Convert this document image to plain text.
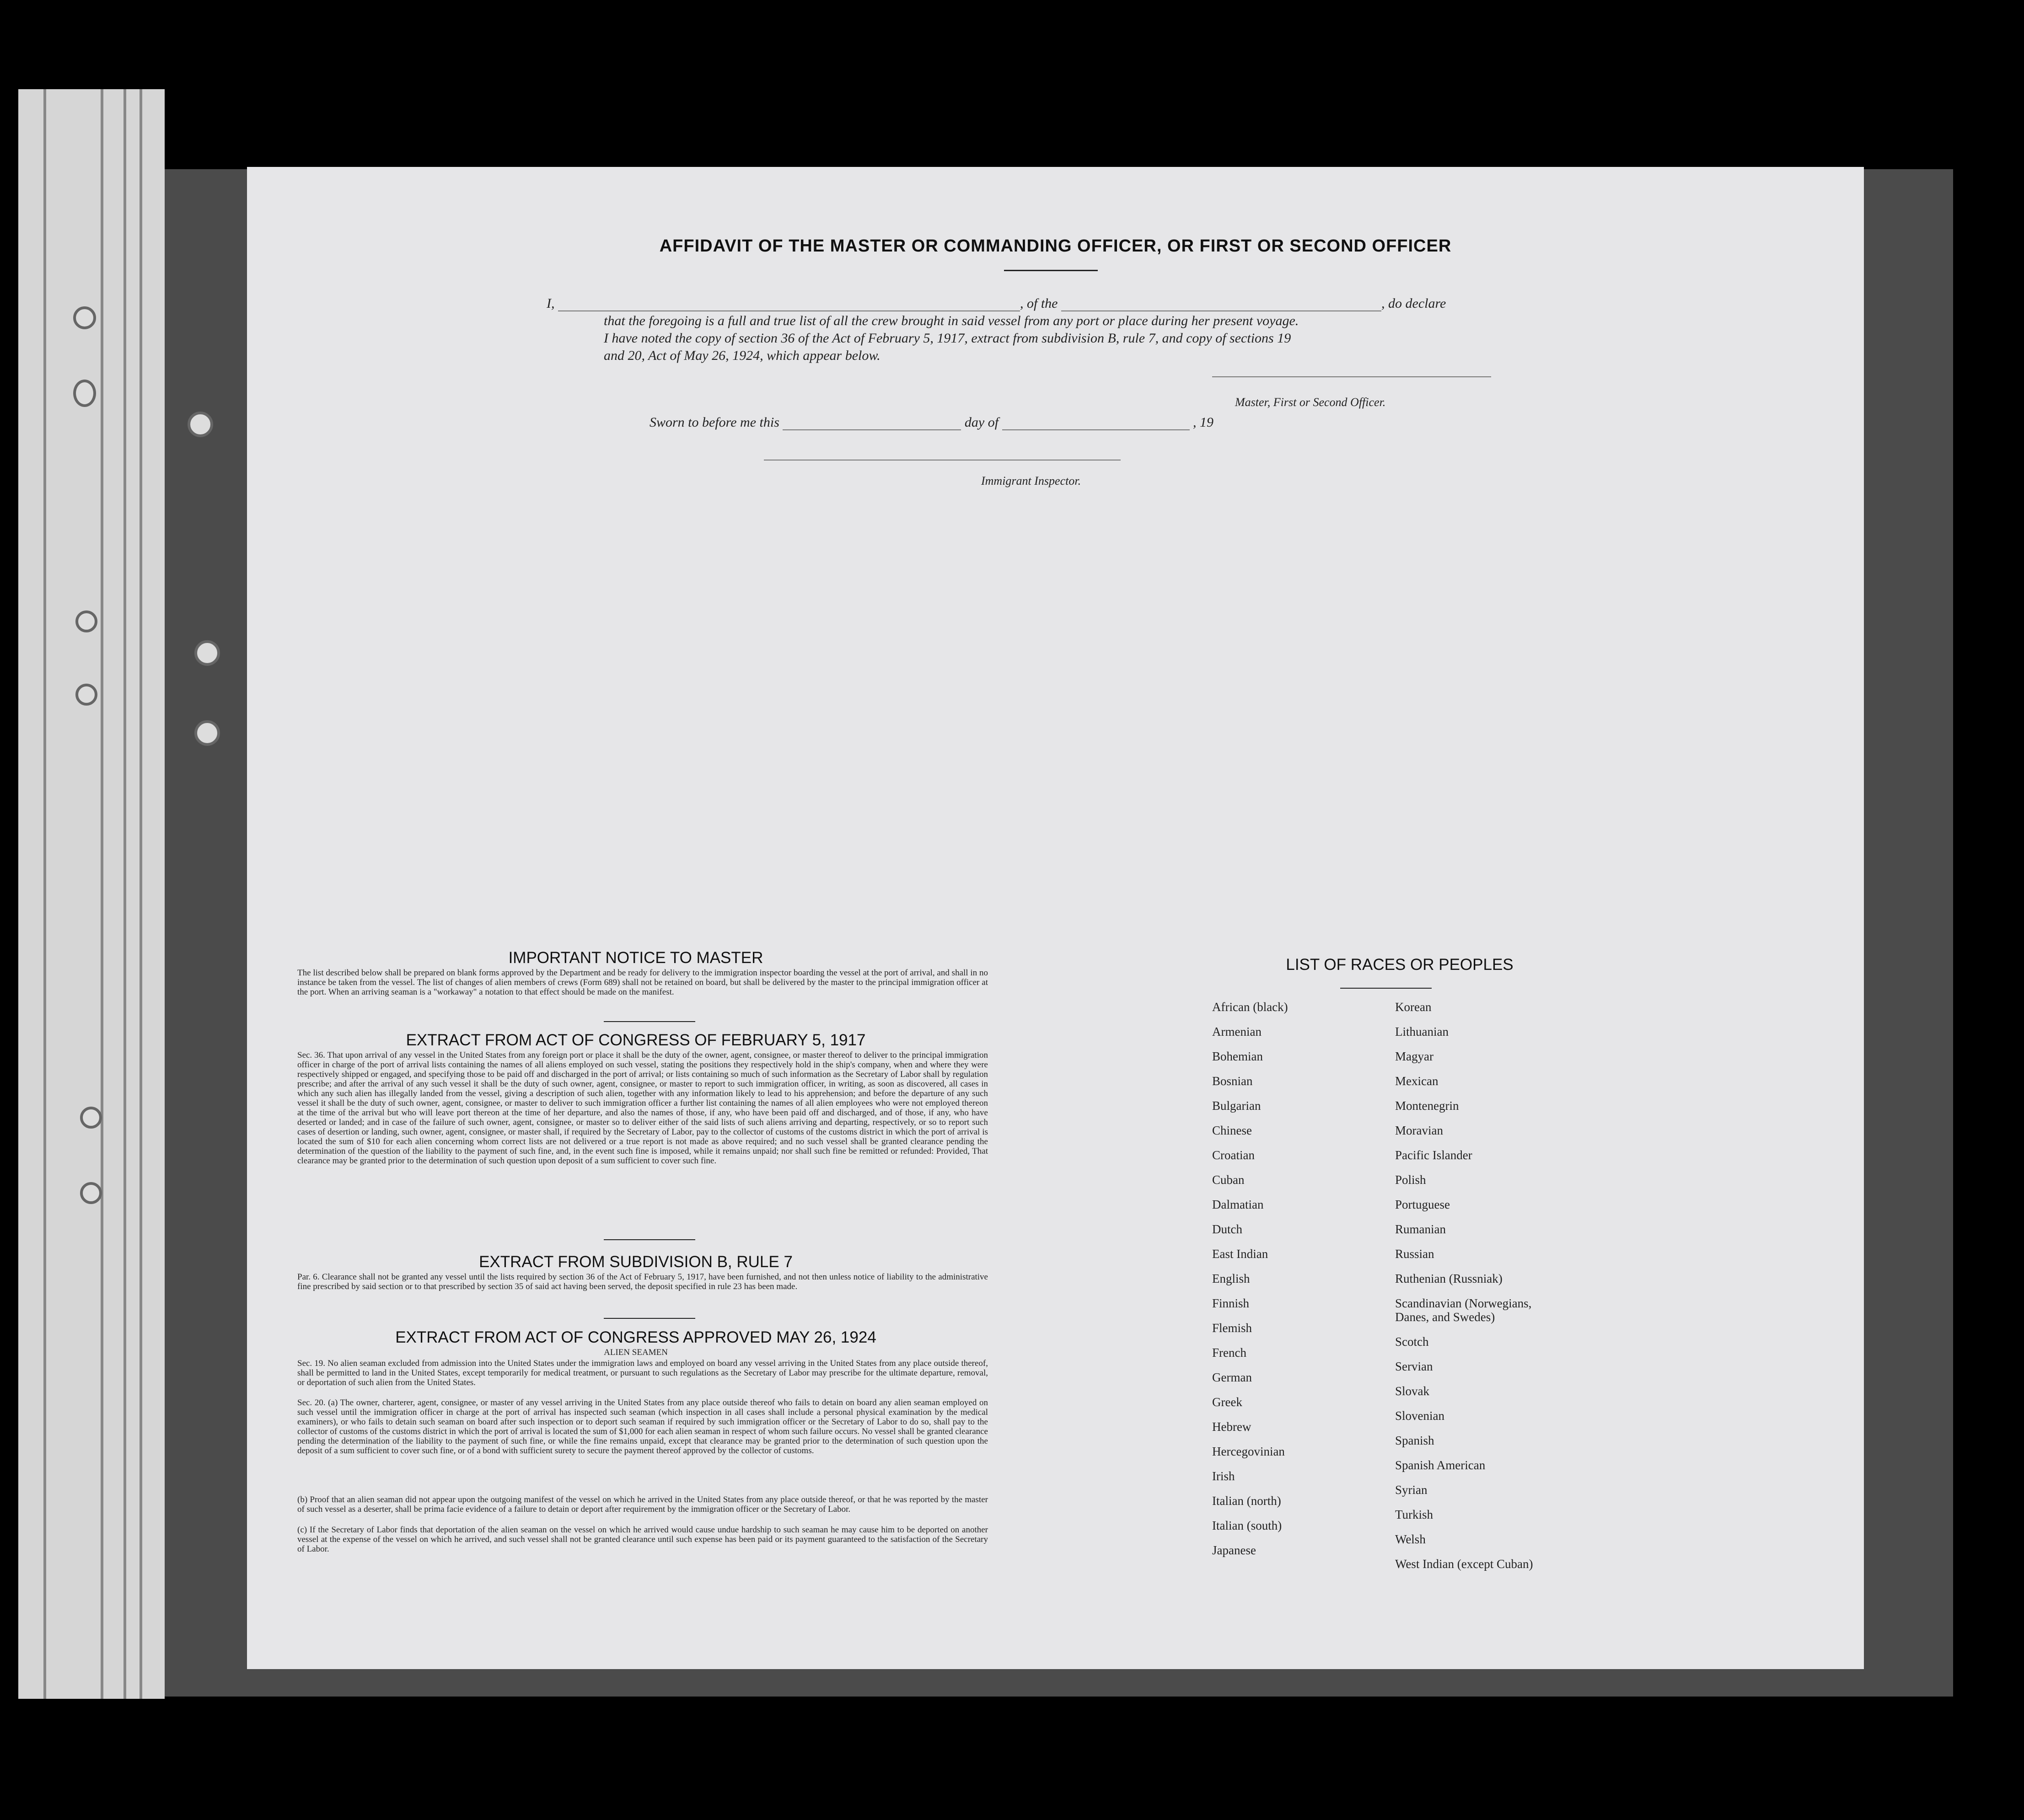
AFFIDAVIT OF THE MASTER OR COMMANDING OFFICER, OR FIRST OR SECOND OFFICER
I,	, of the	, do declare
that the foregoing is a full and true list of all the crew brought in said vessel from any port or place during her present voyage.
I have noted the copy of section 36 of the Act of February 5, 1917, extract from subdivision B, rule 7, and copy of sections 19
and 20, Act of May 26, 1924, which appear below.
Master, First or Second Officer.
Sworn to before me this	day of	, 19
Immigrant Inspector.
IMPORTANT NOTICE TO MASTER
The list described below shall be prepared on blank forms approved by the Department and be ready for delivery to the immigration inspector boarding the vessel at the port of arrival, and shall in no instance be taken from the vessel. The list of changes of alien members of crews (Form 689) shall not be retained on board, but shall be delivered by the master to the principal immigration officer at the port. When an arriving seaman is a "workaway" a notation to that effect should be made on the manifest.
EXTRACT FROM ACT OF CONGRESS OF FEBRUARY 5, 1917
Sec. 36. That upon arrival of any vessel in the United States from any foreign port or place it shall be the duty of the owner, agent, consignee, or master thereof to deliver to the principal immigration officer in charge of the port of arrival lists containing the names of all aliens employed on such vessel, stating the positions they respectively hold in the ship's company, when and where they were respectively shipped or engaged, and specifying those to be paid off and discharged in the port of arrival; or lists containing so much of such information as the Secretary of Labor shall by regulation prescribe; and after the arrival of any such vessel it shall be the duty of such owner, agent, consignee, or master to report to such immigration officer, in writing, as soon as discovered, all cases in which any such alien has illegally landed from the vessel, giving a description of such alien, together with any information likely to lead to his apprehension; and before the departure of any such vessel it shall be the duty of such owner, agent, consignee, or master to deliver to such immigration officer a further list containing the names of all alien employees who were not employed thereon at the time of the arrival but who will leave port thereon at the time of her departure, and also the names of those, if any, who have been paid off and discharged, and of those, if any, who have deserted or landed; and in case of the failure of such owner, agent, consignee, or master so to deliver either of the said lists of such aliens arriving and departing, respectively, or so to report such cases of desertion or landing, such owner, agent, consignee, or master shall, if required by the Secretary of Labor, pay to the collector of customs of the customs district in which the port of arrival is located the sum of $10 for each alien concerning whom correct lists are not delivered or a true report is not made as above required; and no such vessel shall be granted clearance pending the determination of the question of the liability to the payment of such fine, and, in the event such fine is imposed, while it remains unpaid; nor shall such fine be remitted or refunded: Provided, That clearance may be granted prior to the determination of such question upon deposit of a sum sufficient to cover such fine.
EXTRACT FROM SUBDIVISION B, RULE 7
Par. 6. Clearance shall not be granted any vessel until the lists required by section 36 of the Act of February 5, 1917, have been furnished, and not then unless notice of liability to the administrative fine prescribed by said section or to that prescribed by section 35 of said act having been served, the deposit specified in rule 23 has been made.
EXTRACT FROM ACT OF CONGRESS APPROVED MAY 26, 1924
ALIEN SEAMEN
Sec. 19. No alien seaman excluded from admission into the United States under the immigration laws and employed on board any vessel arriving in the United States from any place outside thereof, shall be permitted to land in the United States, except temporarily for medical treatment, or pursuant to such regulations as the Secretary of Labor may prescribe for the ultimate departure, removal, or deportation of such alien from the United States.
Sec. 20. (a) The owner, charterer, agent, consignee, or master of any vessel arriving in the United States from any place outside thereof who fails to detain on board any alien seaman employed on such vessel until the immigration officer in charge at the port of arrival has inspected such seaman (which inspection in all cases shall include a personal physical examination by the medical examiners), or who fails to detain such seaman on board after such inspection or to deport such seaman if required by such immigration officer or the Secretary of Labor to do so, shall pay to the collector of customs of the customs district in which the port of arrival is located the sum of $1,000 for each alien seaman in respect of whom such failure occurs. No vessel shall be granted clearance pending the determination of the liability to the payment of such fine, or while the fine remains unpaid, except that clearance may be granted prior to the determination of such question upon the deposit of a sum sufficient to cover such fine, or of a bond with sufficient surety to secure the payment thereof approved by the collector of customs.
(b) Proof that an alien seaman did not appear upon the outgoing manifest of the vessel on which he arrived in the United States from any place outside thereof, or that he was reported by the master of such vessel as a deserter, shall be prima facie evidence of a failure to detain or deport after requirement by the immigration officer or the Secretary of Labor.
(c) If the Secretary of Labor finds that deportation of the alien seaman on the vessel on which he arrived would cause undue hardship to such seaman he may cause him to be deported on another vessel at the expense of the vessel on which he arrived, and such vessel shall not be granted clearance until such expense has been paid or its payment guaranteed to the satisfaction of the Secretary of Labor.
LIST OF RACES OR PEOPLES
African (black)
Armenian
Bohemian
Bosnian
Bulgarian
Chinese
Croatian
Cuban
Dalmatian
Dutch
East Indian
English
Finnish
Flemish
French
German
Greek
Hebrew
Hercegovinian
Irish
Italian (north)
Italian (south)
Japanese
Korean
Lithuanian
Magyar
Mexican
Montenegrin
Moravian
Pacific Islander
Polish
Portuguese
Rumanian
Russian
Ruthenian (Russniak)
Scandinavian (Norwegians,
Danes, and Swedes)
Scotch
Servian
Slovak
Slovenian
Spanish
Spanish American
Syrian
Turkish
Welsh
West Indian (except Cuban)
